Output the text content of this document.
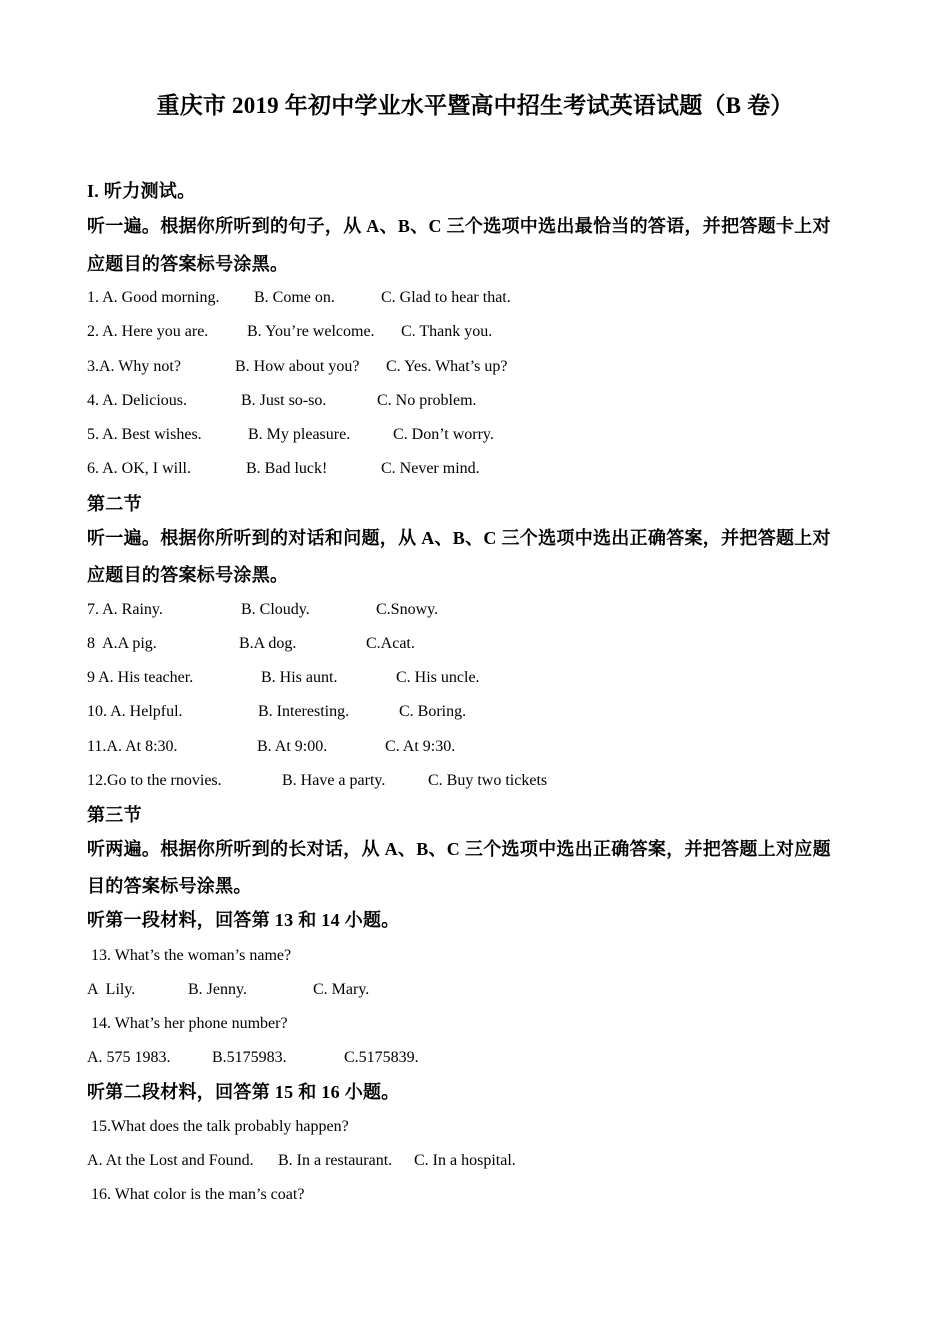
重庆市 2019 年初中学业水平暨高中招生考试英语试题（B 卷）
I. 听力测试。
听一遍。根据你所听到的句子，从 A、B、C 三个选项中选出最恰当的答语，并把答题卡上对
应题目的答案标号涂黑。
1. A. Good morning. B. Come on.	C. Glad to hear that.
2. A. Here you are. B. You’re welcome. C. Thank you.
3.A. Why not?	B. How about you? C. Yes. What’s up?
4. A. Delicious.	B. Just so-so.	C. No problem.
5. A. Best wishes.	B. My pleasure.	C. Don’t worry.
6. A. OK, I will.	B. Bad luck!	C. Never mind.
第二节
听一遍。根据你所听到的对话和问题，从 A、B、C 三个选项中选出正确答案，并把答题上对
应题目的答案标号涂黑。
7. A. Rainy.	B. Cloudy.	C.Snowy.
8  A.A pig.	B.A dog.	C.Acat.
9 A. His teacher.	B. His aunt.	C. His uncle.
10. A. Helpful.	B. Interesting.	C. Boring.
11.A. At 8:30.	B. At 9:00.	C. At 9:30.
12.Go to the rnovies.	B. Have a party.	C. Buy two tickets
第三节
听两遍。根据你所听到的长对话，从 A、B、C 三个选项中选出正确答案，并把答题上对应题
目的答案标号涂黑。
听第一段材料，回答第 13 和 14 小题。
13. What’s the woman’s name?
A  Lily.	B. Jenny.	C. Mary.
14. What’s her phone number?
A. 575 1983.	B.5175983.	C.5175839.
听第二段材料，回答第 15 和 16 小题。
15.What does the talk probably happen?
A. At the Lost and Found. B. In a restaurant. C. In a hospital.
16. What color is the man’s coat?
